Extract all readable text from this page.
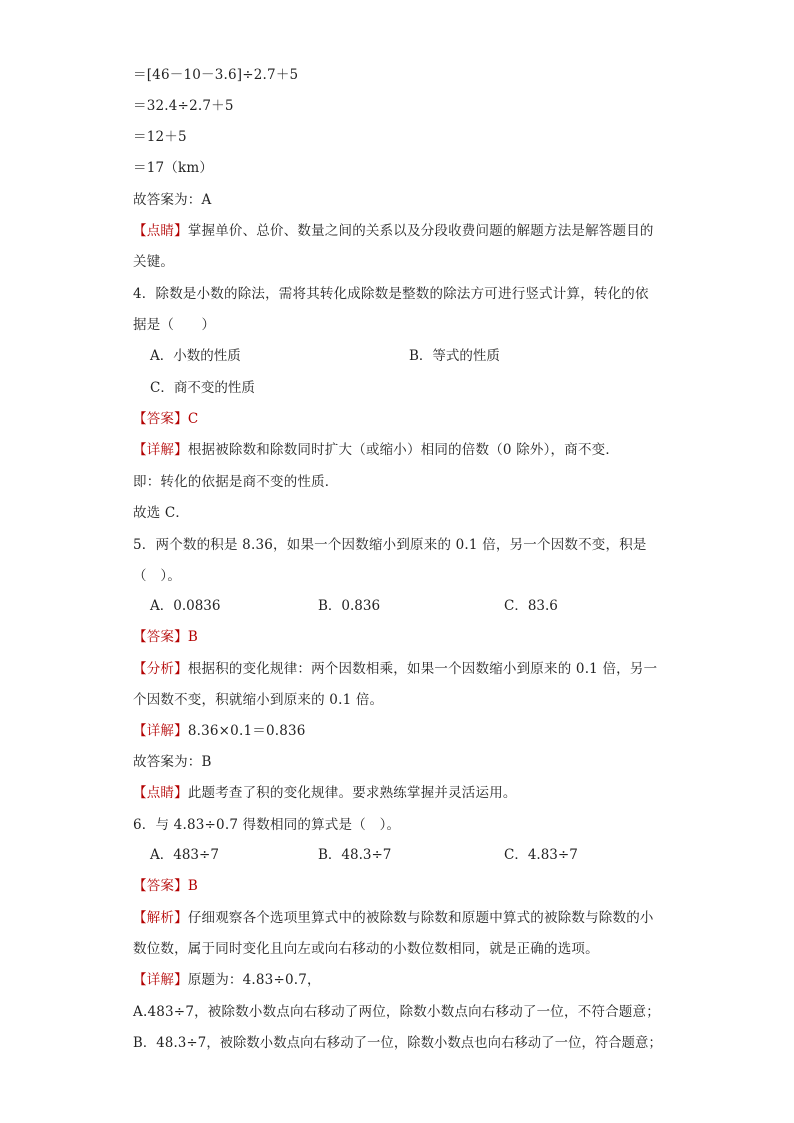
＝[46－10－3.6]÷2.7＋5
＝32.4÷2.7＋5
＝12＋5
＝17（km）
故答案为：A
【点睛】掌握单价、总价、数量之间的关系以及分段收费问题的解题方法是解答题目的
关键。
4．除数是小数的除法，需将其转化成除数是整数的除法方可进行竖式计算，转化的依
据是（　　）
A．小数的性质	B．等式的性质
C．商不变的性质
【答案】C
【详解】根据被除数和除数同时扩大（或缩小）相同的倍数（0 除外），商不变．
即：转化的依据是商不变的性质．
故选 C．
5．两个数的积是 8.36，如果一个因数缩小到原来的 0.1 倍，另一个因数不变，积是
（　）。
A．0.0836	B．0.836	C．83.6
【答案】B
【分析】根据积的变化规律：两个因数相乘，如果一个因数缩小到原来的 0.1 倍，另一
个因数不变，积就缩小到原来的 0.1 倍。
【详解】8.36×0.1＝0.836
故答案为：B
【点睛】此题考查了积的变化规律。要求熟练掌握并灵活运用。
6．与 4.83÷0.7 得数相同的算式是（　）。
A．483÷7	B．48.3÷7	C．4.83÷7
【答案】B
【解析】仔细观察各个选项里算式中的被除数与除数和原题中算式的被除数与除数的小
数位数，属于同时变化且向左或向右移动的小数位数相同，就是正确的选项。
【详解】原题为：4.83÷0.7，
A.483÷7，被除数小数点向右移动了两位，除数小数点向右移动了一位，不符合题意；
B．48.3÷7，被除数小数点向右移动了一位，除数小数点也向右移动了一位，符合题意；
